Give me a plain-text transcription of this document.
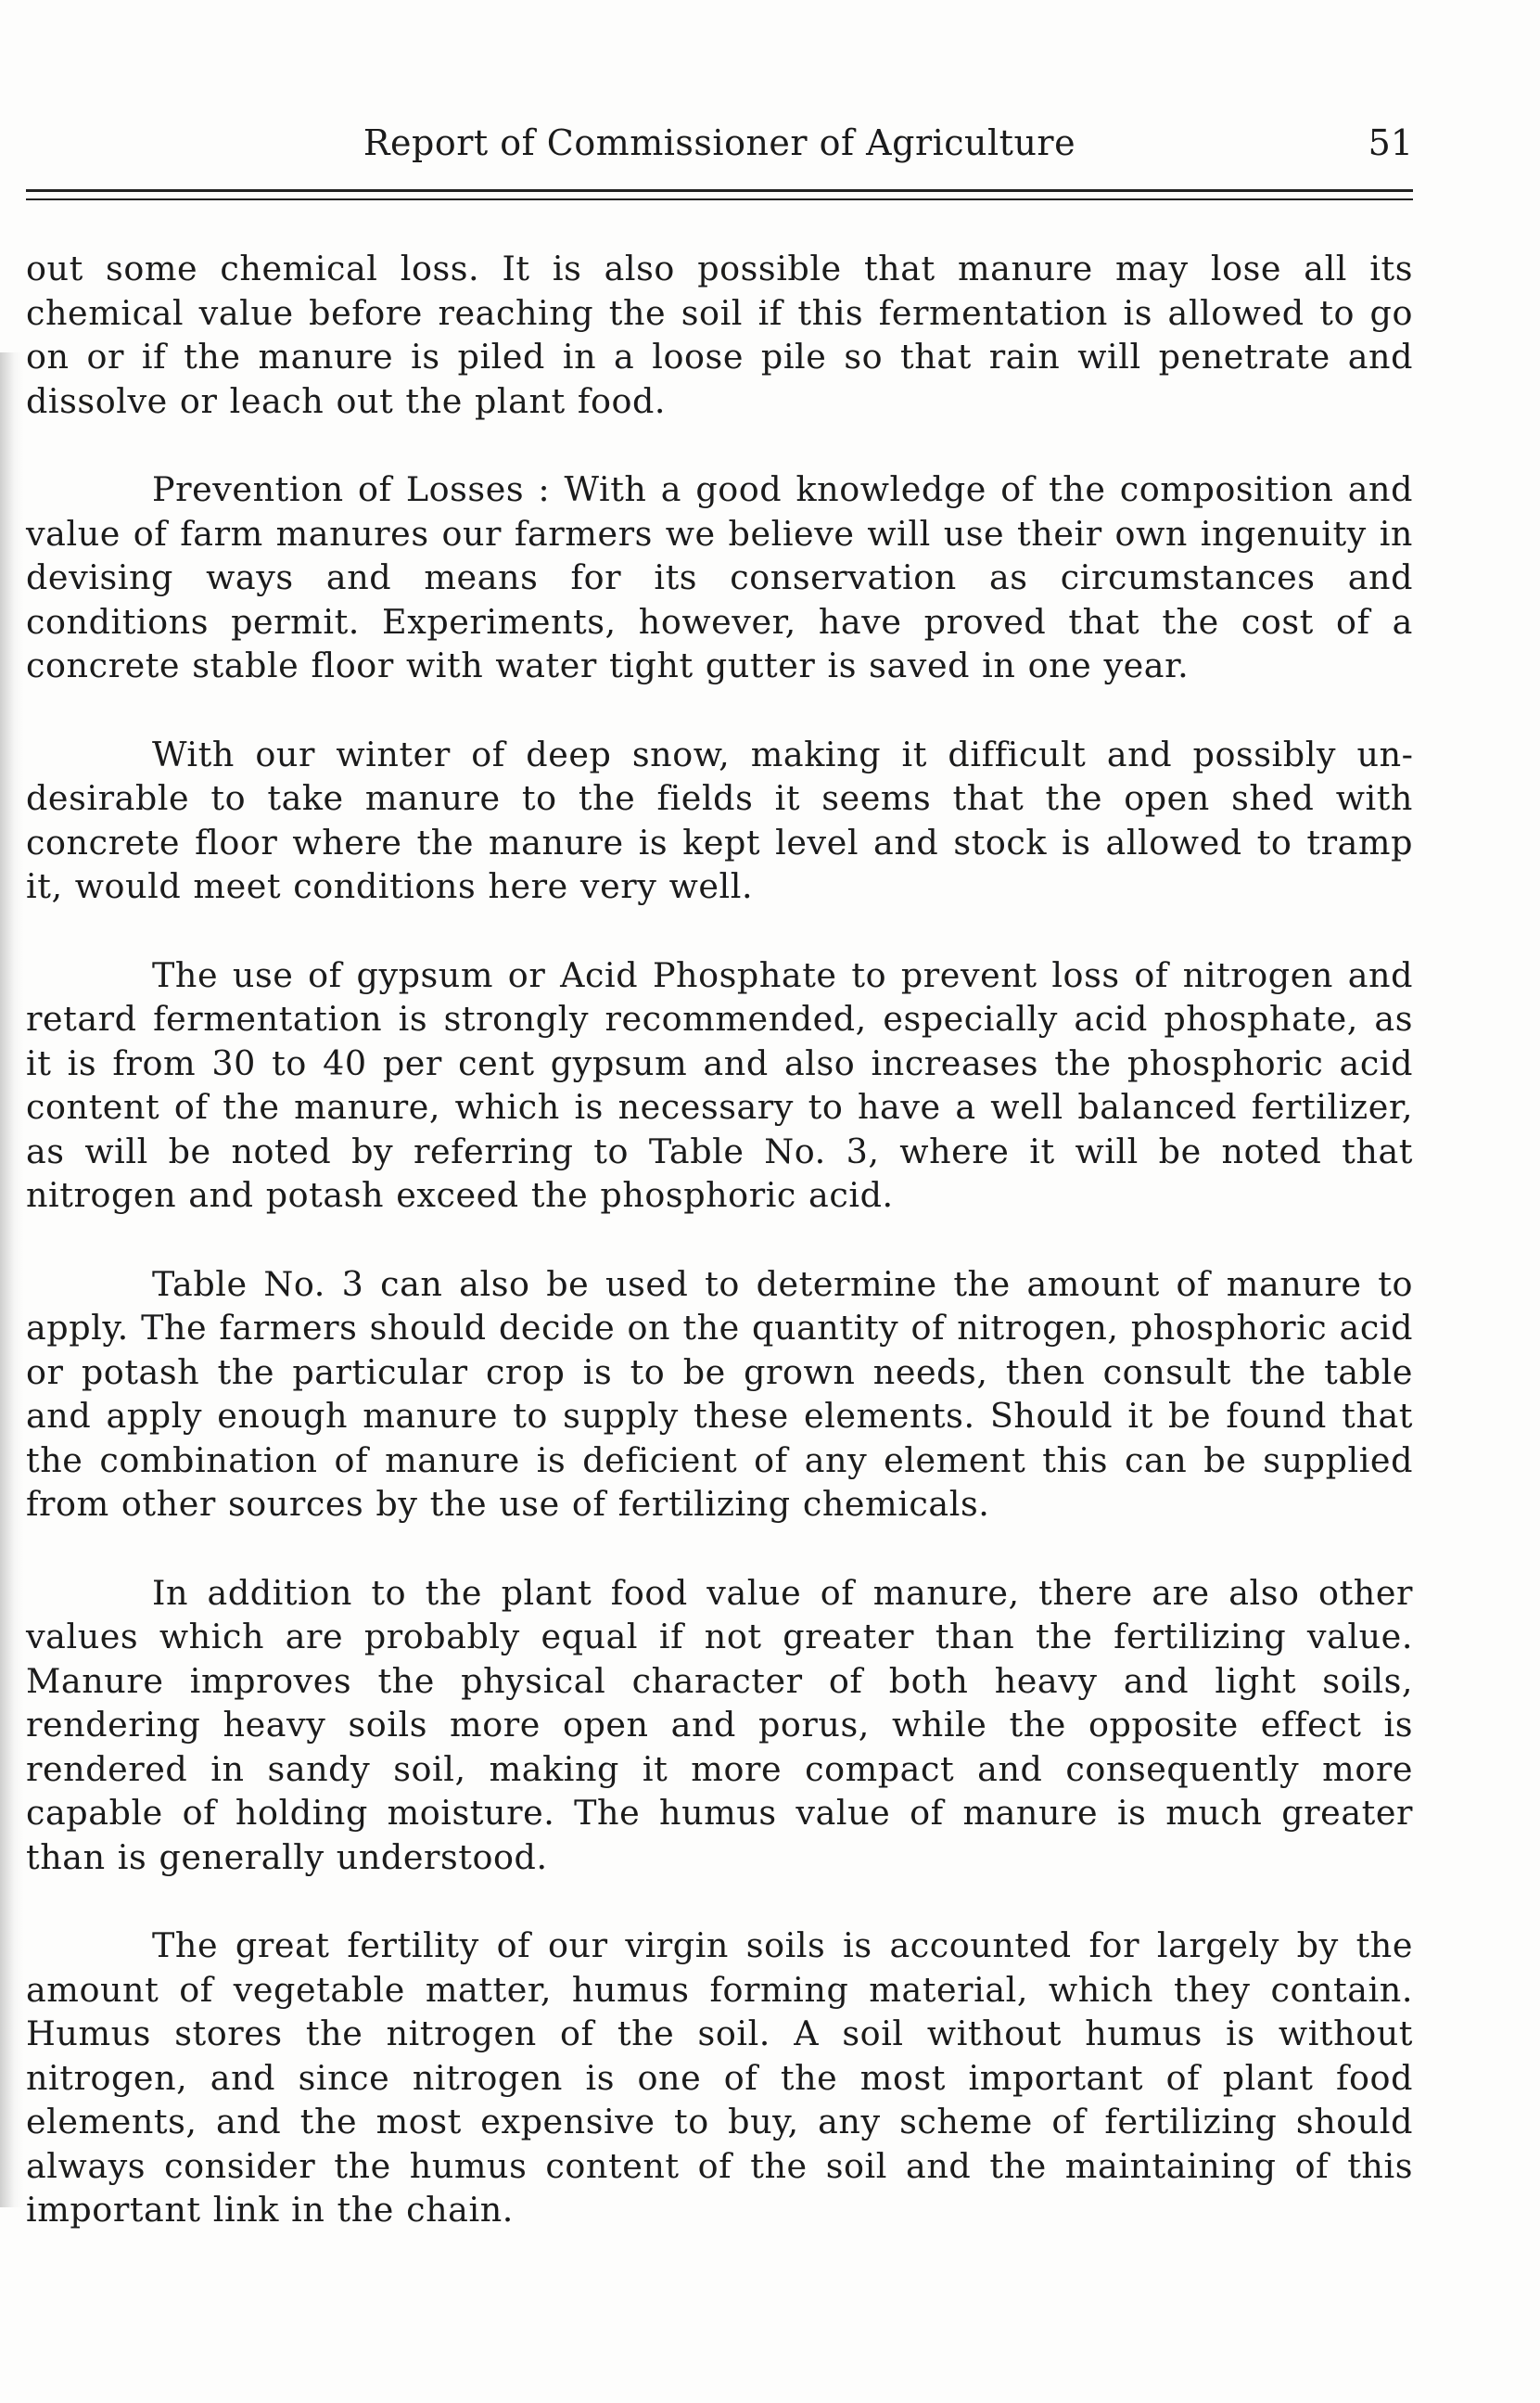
Report of Commissioner of Agriculture	51

out some chemical loss. It is also possible that manure may lose all its chemical value before reaching the soil if this fermentation is allowed to go on or if the manure is piled in a loose pile so that rain will penetrate and dissolve or leach out the plant food.

Prevention of Losses : With a good knowledge of the composition and value of farm manures our farmers we believe will use their own ingenuity in devising ways and means for its conservation as circumstances and conditions permit. Experiments, however, have proved that the cost of a concrete stable floor with water tight gutter is saved in one year.

With our winter of deep snow, making it difficult and possibly undesirable to take manure to the fields it seems that the open shed with concrete floor where the manure is kept level and stock is allowed to tramp it, would meet conditions here very well.

The use of gypsum or Acid Phosphate to prevent loss of nitrogen and retard fermentation is strongly recommended, especially acid phosphate, as it is from 30 to 40 per cent gypsum and also increases the phosphoric acid content of the manure, which is necessary to have a well balanced fertilizer, as will be noted by referring to Table No. 3, where it will be noted that nitrogen and potash exceed the phosphoric acid.

Table No. 3 can also be used to determine the amount of manure to apply. The farmers should decide on the quantity of nitrogen, phosphoric acid or potash the particular crop is to be grown needs, then consult the table and apply enough manure to supply these elements. Should it be found that the combination of manure is deficient of any element this can be supplied from other sources by the use of fertilizing chemicals.

In addition to the plant food value of manure, there are also other values which are probably equal if not greater than the fertilizing value. Manure improves the physical character of both heavy and light soils, rendering heavy soils more open and porus, while the opposite effect is rendered in sandy soil, making it more compact and consequently more capable of holding moisture. The humus value of manure is much greater than is generally understood.

The great fertility of our virgin soils is accounted for largely by the amount of vegetable matter, humus forming material, which they contain. Humus stores the nitrogen of the soil. A soil without humus is without nitrogen, and since nitrogen is one of the most important of plant food elements, and the most expensive to buy, any scheme of fertilizing should always consider the humus content of the soil and the maintaining of this important link in the chain.
